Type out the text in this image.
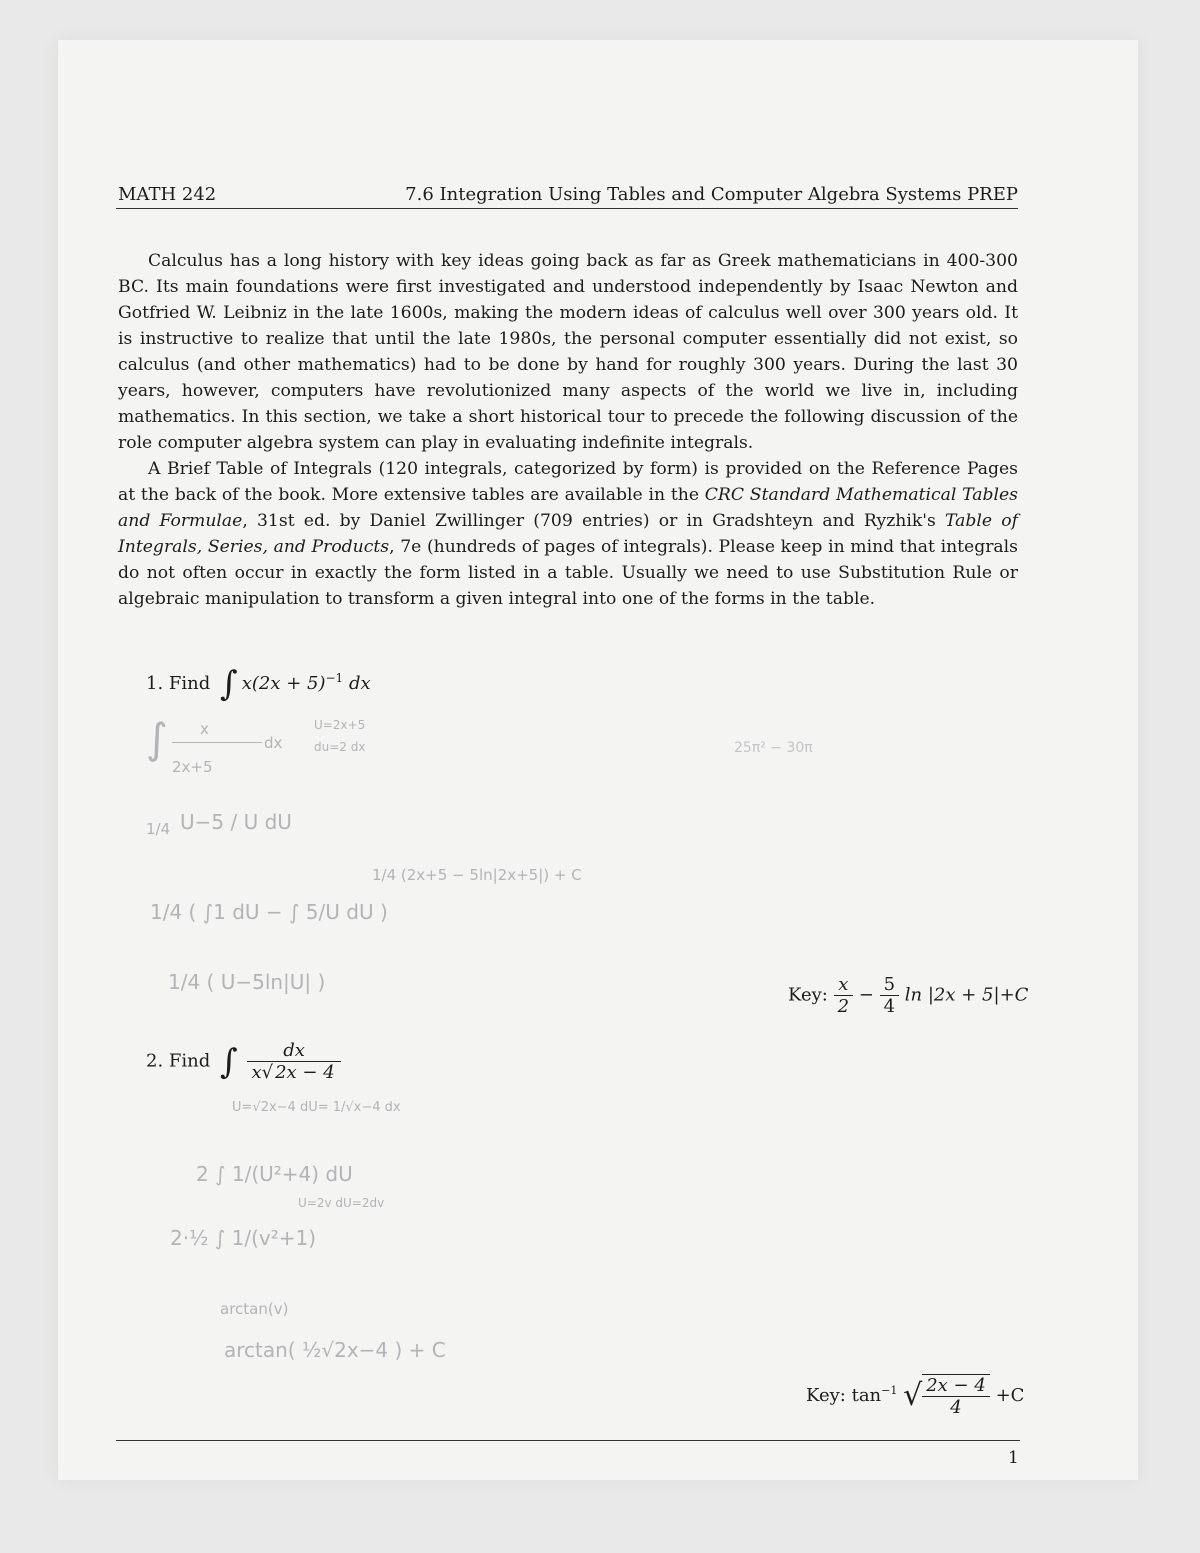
MATH 242	7.6 Integration Using Tables and Computer Algebra Systems PREP

Calculus has a long history with key ideas going back as far as Greek mathematicians in 400-300 BC. Its main foundations were first investigated and understood independently by Isaac Newton and Gotfried W. Leibniz in the late 1600s, making the modern ideas of calculus well over 300 years old. It is instructive to realize that until the late 1980s, the personal computer essentially did not exist, so calculus (and other mathematics) had to be done by hand for roughly 300 years. During the last 30 years, however, computers have revolutionized many aspects of the world we live in, including mathematics. In this section, we take a short historical tour to precede the following discussion of the role computer algebra system can play in evaluating indefinite integrals.

A Brief Table of Integrals (120 integrals, categorized by form) is provided on the Reference Pages at the back of the book. More extensive tables are available in the CRC Standard Mathematical Tables and Formulae, 31st ed. by Daniel Zwillinger (709 entries) or in Gradshteyn and Ryzhik's Table of Integrals, Series, and Products, 7e (hundreds of pages of integrals). Please keep in mind that integrals do not often occur in exactly the form listed in a table. Usually we need to use Substitution Rule or algebraic manipulation to transform a given integral into one of the forms in the table.

1. Find ∫ $x(2x + 5)^{-1}$ dx
∫ x
2x+5
dx
U=2x+5
du=2 dx	25π² − 30π
1/4 U−5 / U dU
1/4 (2x+5 − 5ln|2x+5|) + C
1/4 ( ∫1 dU − ∫ 5/U dU )
1/4 ( U−5ln|U| )
Key: $\frac{x}{2} - \frac{5}{4}$ ln |2x + 5|+C
2. Find ∫ $\frac{dx}{x√ 2x - 4}$
U=√2x−4 dU= 1/√x−4 dx
2 ∫ 1/(U²+4) dU
U=2v dU=2dv
2·½ ∫ 1/(v²+1)
arctan(v)
arctan( ½√2x−4 ) + C
Key: $\tan^{-1}$ √ $\frac{2x - 4}{4} +C$
1
